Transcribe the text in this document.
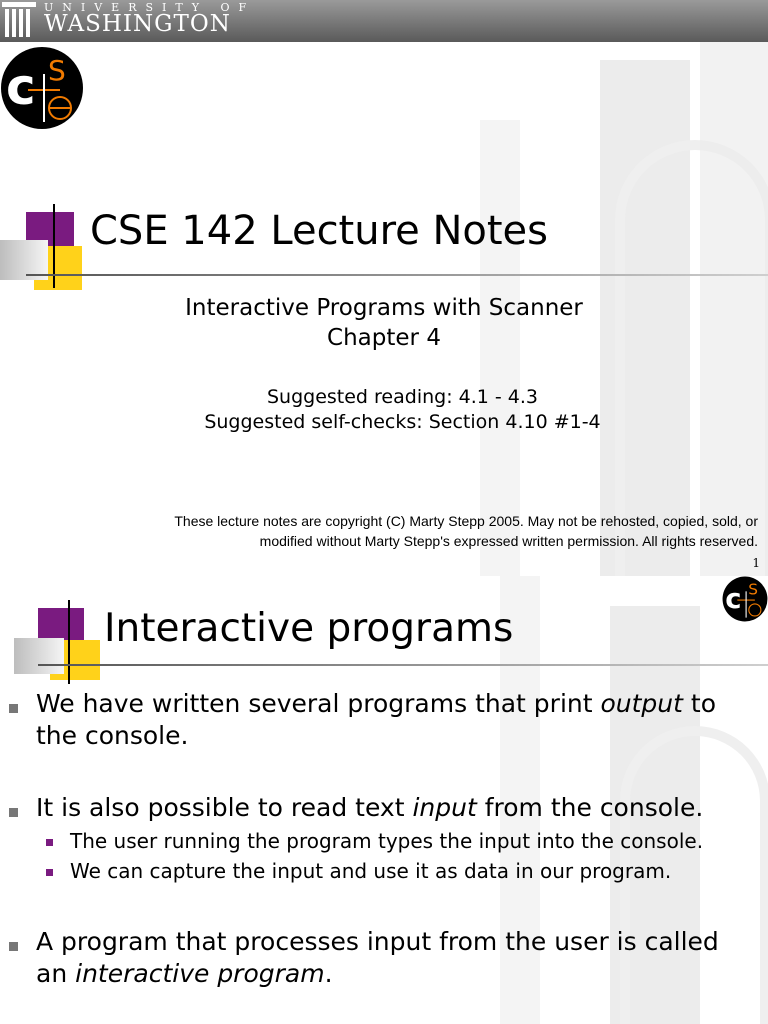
UNIVERSITY OF
WASHINGTON
c S
CSE 142 Lecture Notes
Interactive Programs with Scanner
Chapter 4
Suggested reading: 4.1 - 4.3
Suggested self-checks: Section 4.10 #1-4
These lecture notes are copyright (C) Marty Stepp 2005. May not be rehosted, copied, sold, or
modified without Marty Stepp's expressed written permission. All rights reserved.
1
c S
Interactive programs
We have written several programs that print output to the console.
It is also possible to read text input from the console.
The user running the program types the input into the console.
We can capture the input and use it as data in our program.
A program that processes input from the user is called an interactive program.
